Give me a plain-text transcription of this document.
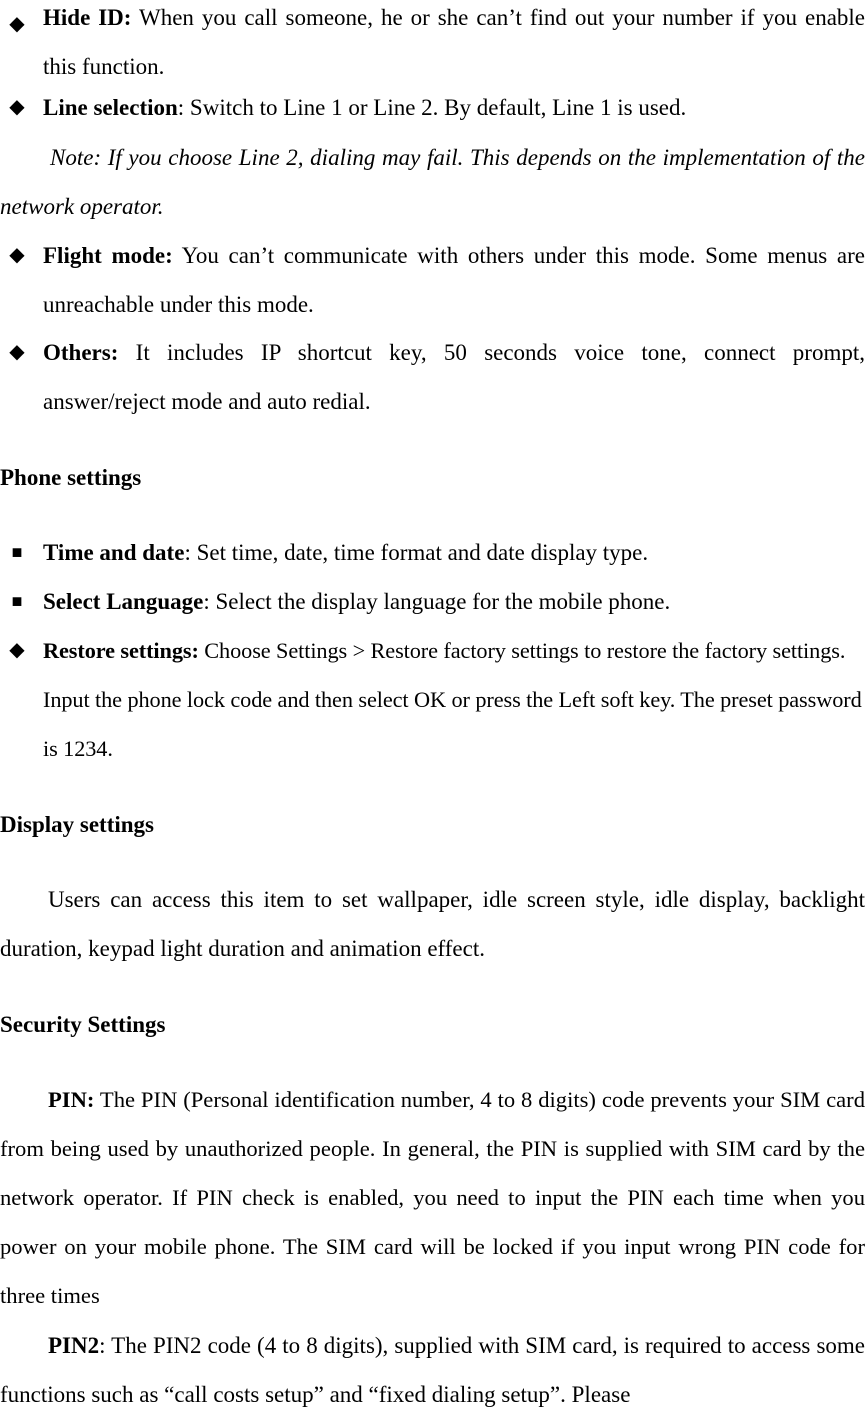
◆ Hide ID: When you call someone, he or she can’t find out your number if you enable this function.
◆ Line selection: Switch to Line 1 or Line 2. By default, Line 1 is used.
Note: If you choose Line 2, dialing may fail. This depends on the implementation of the network operator.
◆ Flight mode: You can’t communicate with others under this mode. Some menus are unreachable under this mode.
◆ Others: It includes IP shortcut key, 50 seconds voice tone, connect prompt, answer/reject mode and auto redial.
Phone settings
■ Time and date: Set time, date, time format and date display type.
■ Select Language: Select the display language for the mobile phone.
◆ Restore settings: Choose Settings > Restore factory settings to restore the factory settings. Input the phone lock code and then select OK or press the Left soft key. The preset password is 1234.
Display settings
Users can access this item to set wallpaper, idle screen style, idle display, backlight duration, keypad light duration and animation effect.
Security Settings
PIN: The PIN (Personal identification number, 4 to 8 digits) code prevents your SIM card from being used by unauthorized people. In general, the PIN is supplied with SIM card by the network operator. If PIN check is enabled, you need to input the PIN each time when you power on your mobile phone. The SIM card will be locked if you input wrong PIN code for three times
PIN2: The PIN2 code (4 to 8 digits), supplied with SIM card, is required to access some functions such as “call costs setup” and “fixed dialing setup”. Please
